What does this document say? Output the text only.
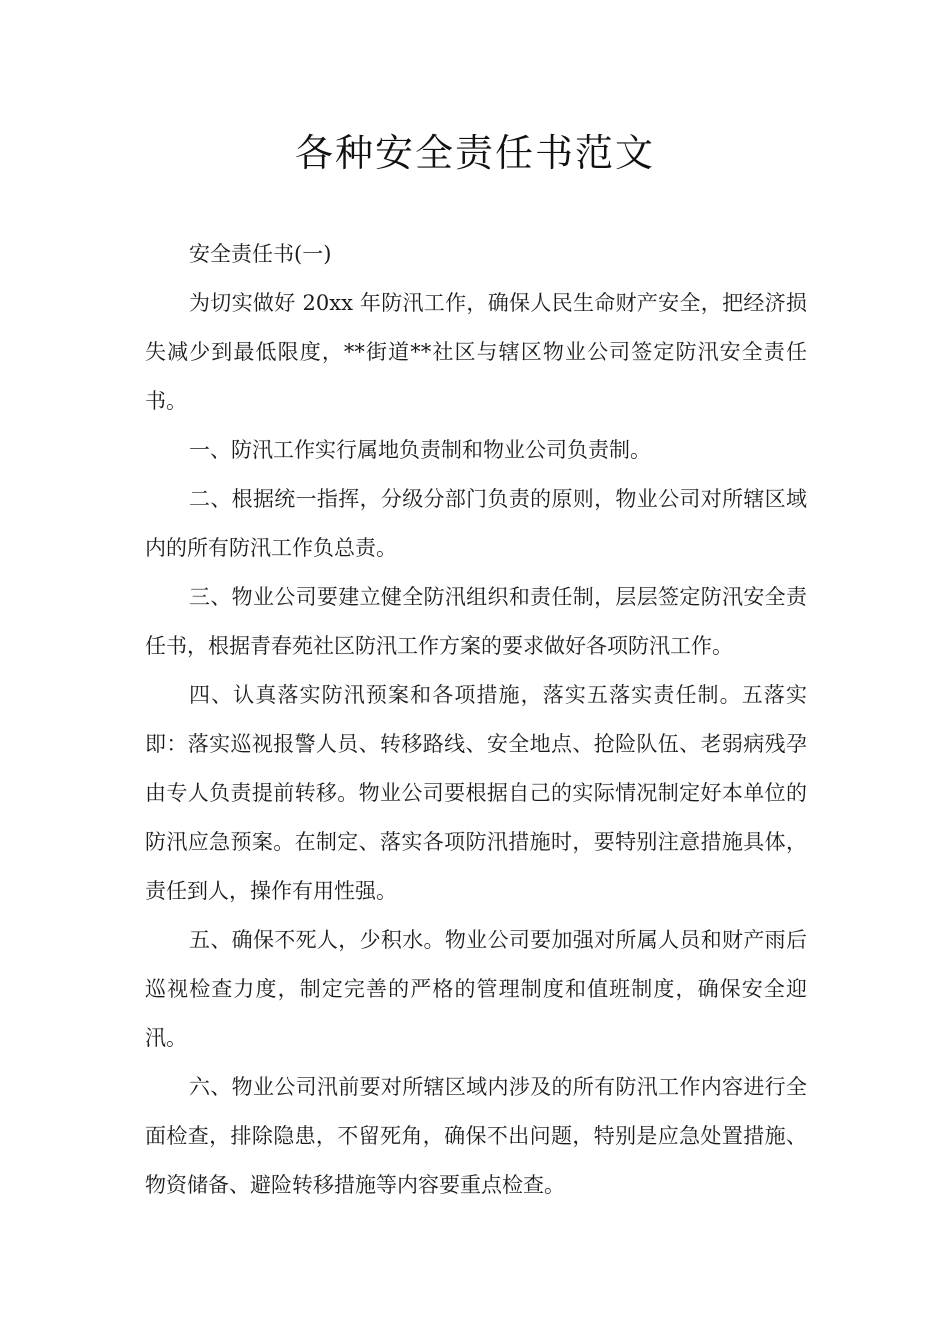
各种安全责任书范文

安全责任书(一)

为切实做好 20xx 年防汛工作，确保人民生命财产安全，把经济损失减少到最低限度，**街道**社区与辖区物业公司签定防汛安全责任书。

一、防汛工作实行属地负责制和物业公司负责制。

二、根据统一指挥，分级分部门负责的原则，物业公司对所辖区域内的所有防汛工作负总责。

三、物业公司要建立健全防汛组织和责任制，层层签定防汛安全责任书，根据青春苑社区防汛工作方案的要求做好各项防汛工作。

四、认真落实防汛预案和各项措施，落实五落实责任制。五落实即：落实巡视报警人员、转移路线、安全地点、抢险队伍、老弱病残孕由专人负责提前转移。物业公司要根据自己的实际情况制定好本单位的防汛应急预案。在制定、落实各项防汛措施时，要特别注意措施具体，责任到人，操作有用性强。

五、确保不死人，少积水。物业公司要加强对所属人员和财产雨后巡视检查力度，制定完善的严格的管理制度和值班制度，确保安全迎汛。

六、物业公司汛前要对所辖区域内涉及的所有防汛工作内容进行全面检查，排除隐患，不留死角，确保不出问题，特别是应急处置措施、物资储备、避险转移措施等内容要重点检查。
